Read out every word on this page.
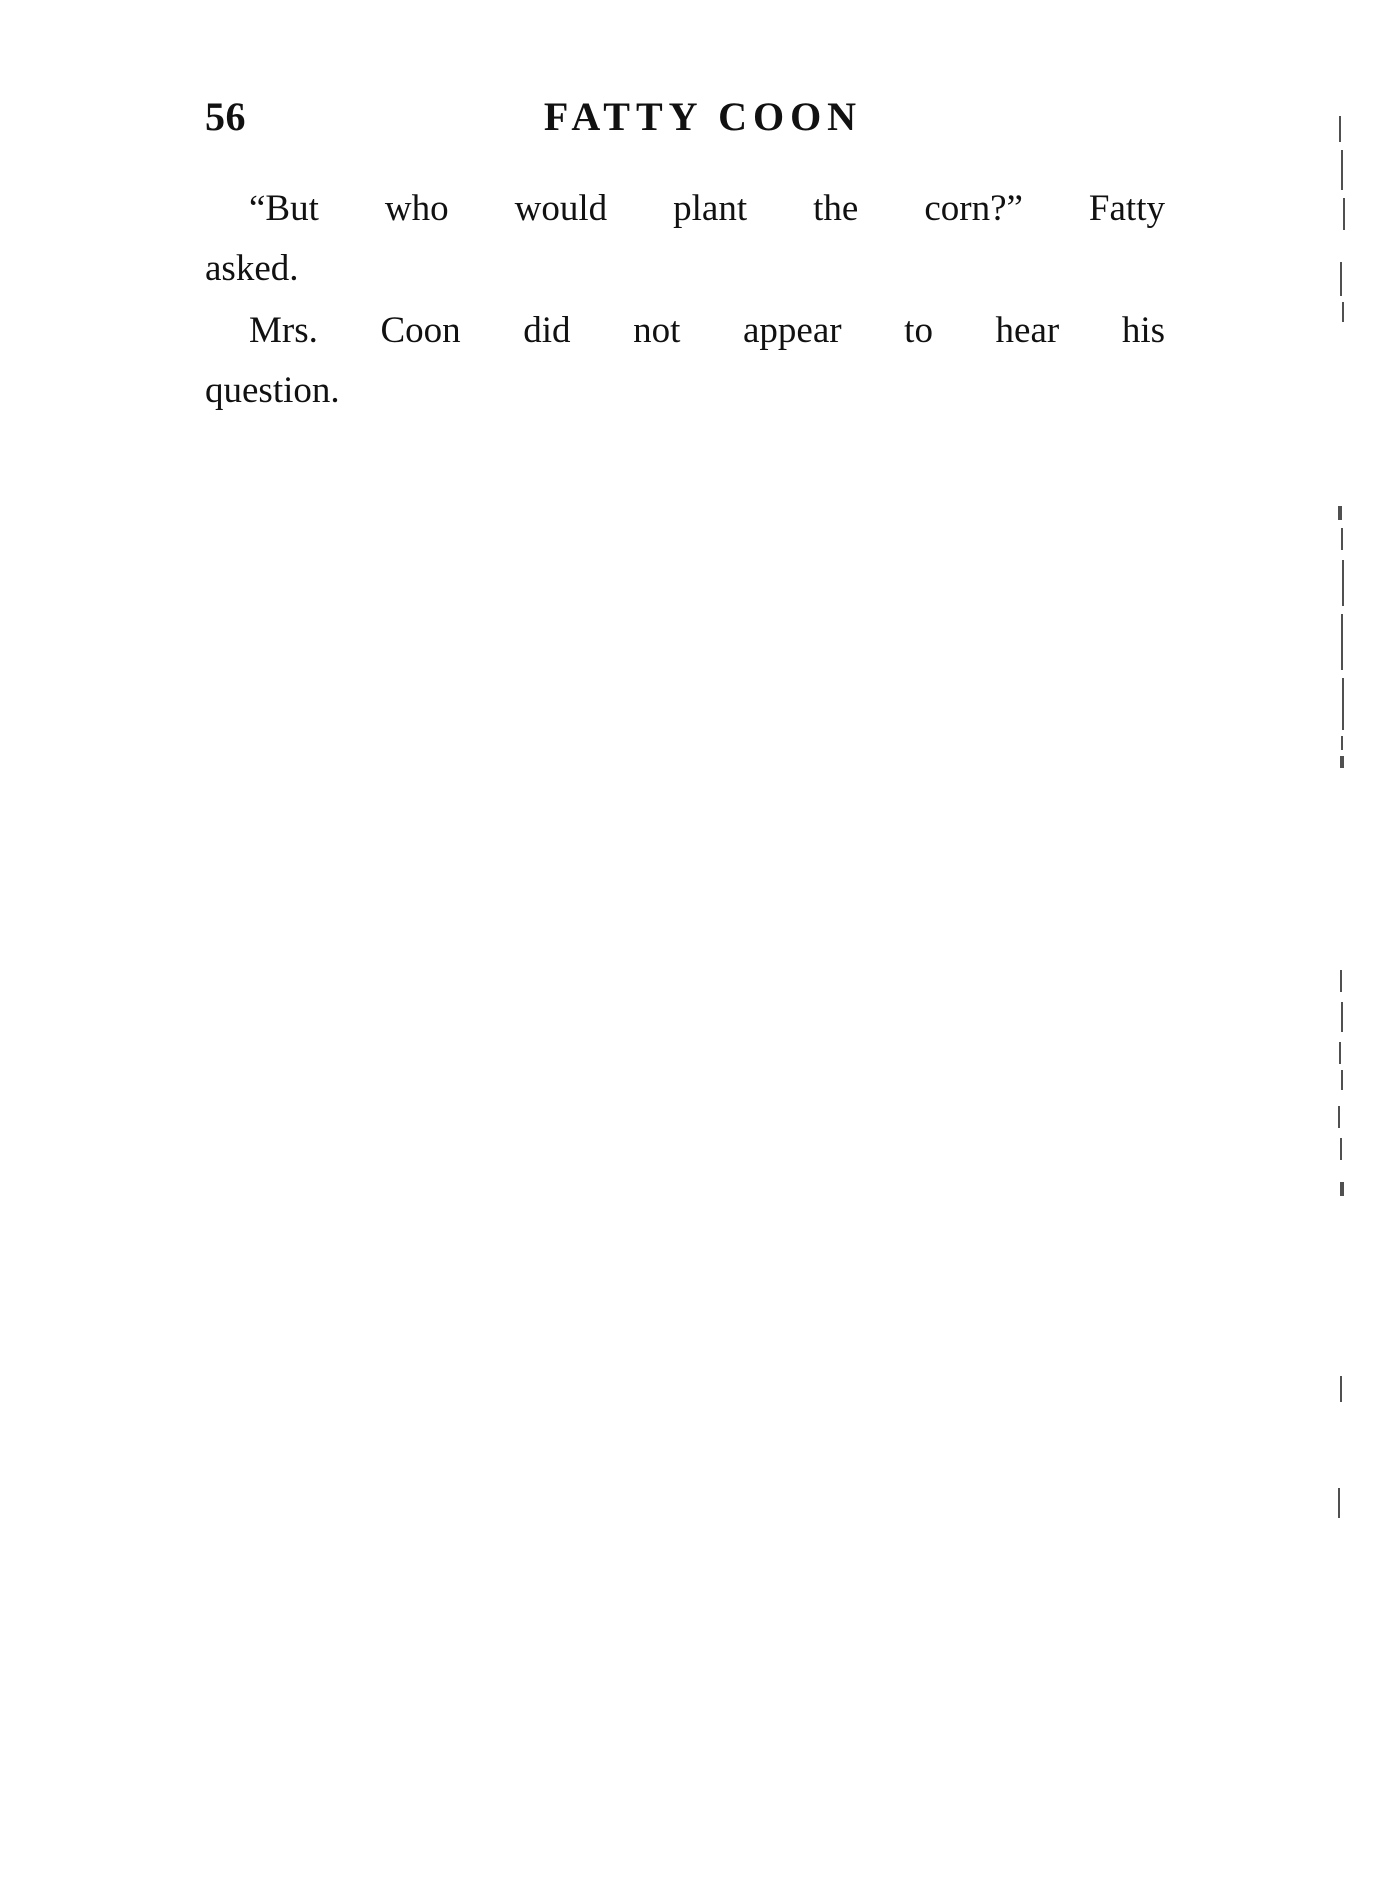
56	FATTY COON
“But who would plant the corn?” Fatty
asked.
Mrs. Coon did not appear to hear his
question.
